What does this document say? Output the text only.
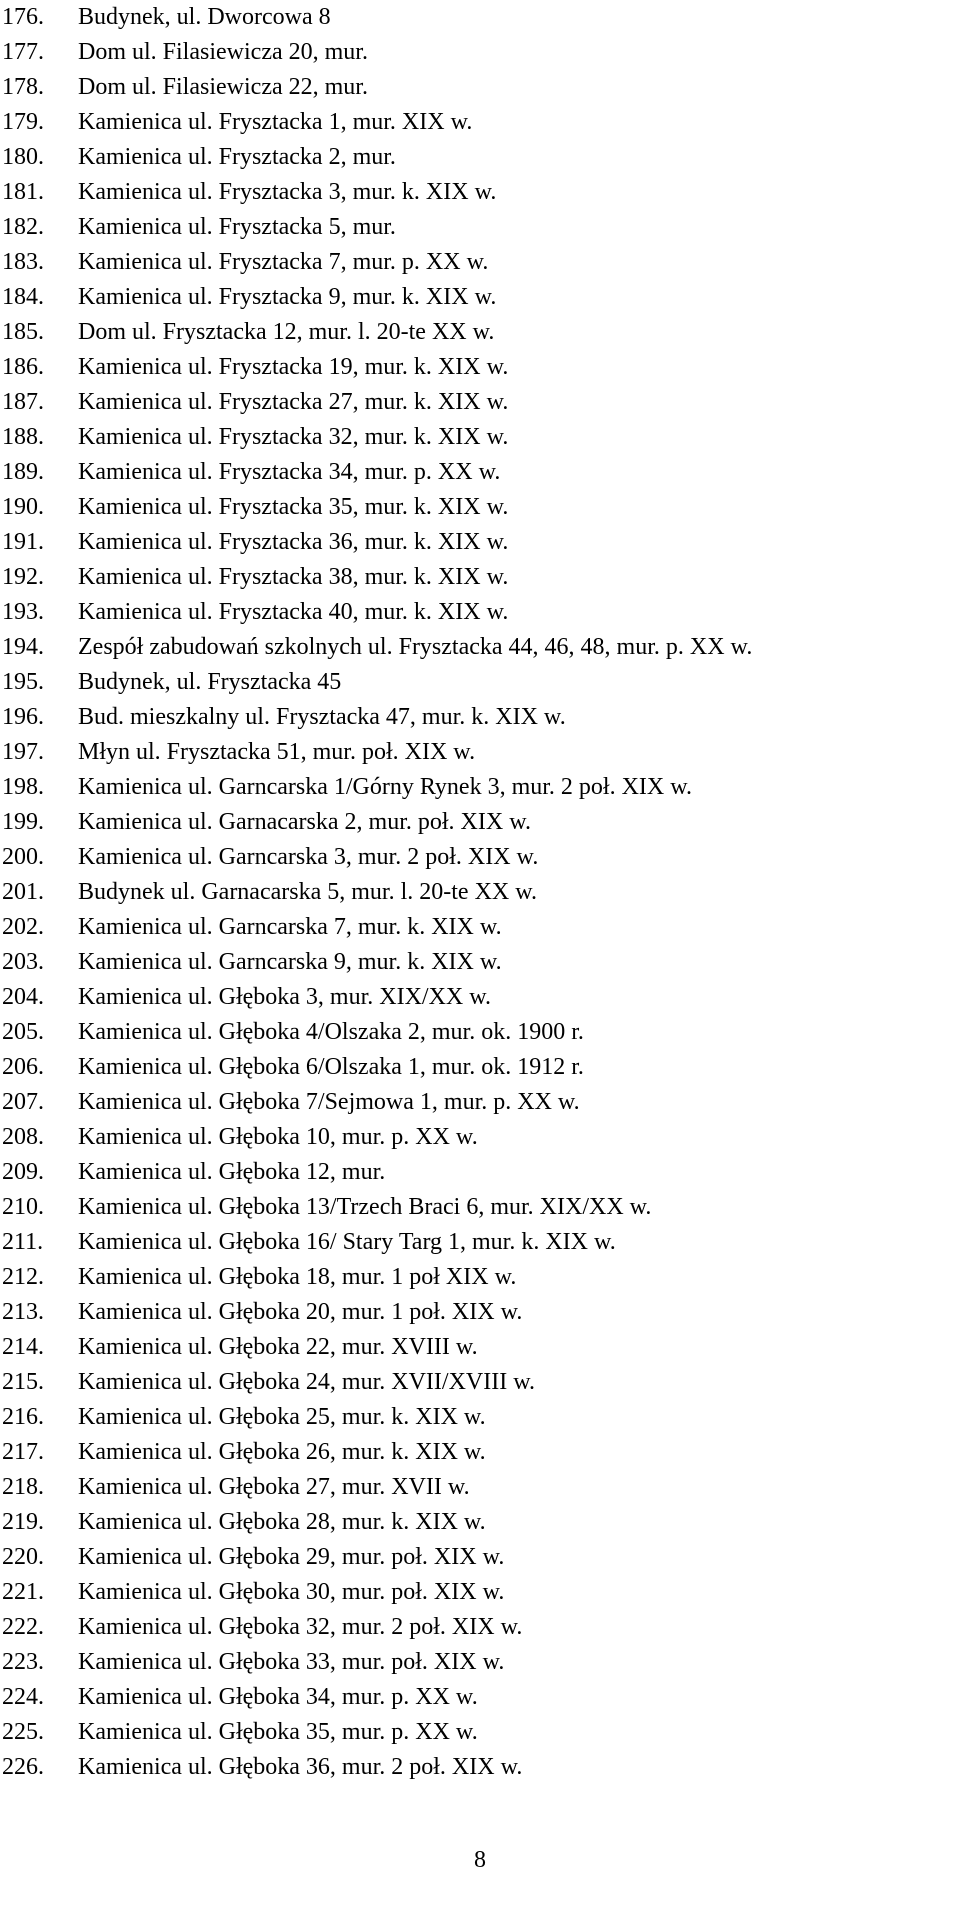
176. Budynek, ul. Dworcowa 8
177. Dom ul. Filasiewicza 20, mur.
178. Dom ul. Filasiewicza 22, mur.
179. Kamienica ul. Frysztacka 1, mur. XIX w.
180. Kamienica ul. Frysztacka 2, mur.
181. Kamienica ul. Frysztacka 3, mur. k. XIX w.
182. Kamienica ul. Frysztacka 5, mur.
183. Kamienica ul. Frysztacka 7, mur. p. XX w.
184. Kamienica ul. Frysztacka 9, mur. k. XIX w.
185. Dom ul. Frysztacka 12, mur. l. 20-te XX w.
186. Kamienica ul. Frysztacka 19, mur. k. XIX w.
187. Kamienica ul. Frysztacka 27, mur. k. XIX w.
188. Kamienica ul. Frysztacka 32, mur. k. XIX w.
189. Kamienica ul. Frysztacka 34, mur. p. XX w.
190. Kamienica ul. Frysztacka 35, mur. k. XIX w.
191. Kamienica ul. Frysztacka 36, mur. k. XIX w.
192. Kamienica ul. Frysztacka 38, mur. k. XIX w.
193. Kamienica ul. Frysztacka 40, mur. k. XIX w.
194. Zespół zabudowań szkolnych ul. Frysztacka 44, 46, 48, mur. p. XX w.
195. Budynek, ul. Frysztacka 45
196. Bud. mieszkalny ul. Frysztacka 47, mur. k. XIX w.
197. Młyn ul. Frysztacka 51, mur. poł. XIX w.
198. Kamienica ul. Garncarska 1/Górny Rynek 3, mur. 2 poł. XIX w.
199. Kamienica ul. Garnacarska 2, mur. poł. XIX w.
200. Kamienica ul. Garncarska 3, mur. 2 poł. XIX w.
201. Budynek ul. Garnacarska 5, mur. l. 20-te XX w.
202. Kamienica ul. Garncarska 7, mur. k. XIX w.
203. Kamienica ul. Garncarska 9, mur. k. XIX w.
204. Kamienica ul. Głęboka 3, mur. XIX/XX w.
205. Kamienica ul. Głęboka 4/Olszaka 2, mur. ok. 1900 r.
206. Kamienica ul. Głęboka 6/Olszaka 1, mur. ok. 1912 r.
207. Kamienica ul. Głęboka 7/Sejmowa 1, mur. p. XX w.
208. Kamienica ul. Głęboka 10, mur. p. XX w.
209. Kamienica ul. Głęboka 12, mur.
210. Kamienica ul. Głęboka 13/Trzech Braci 6, mur. XIX/XX w.
211. Kamienica ul. Głęboka 16/ Stary Targ 1, mur. k. XIX w.
212. Kamienica ul. Głęboka 18, mur. 1 poł XIX w.
213. Kamienica ul. Głęboka 20, mur. 1 poł. XIX w.
214. Kamienica ul. Głęboka 22, mur. XVIII w.
215. Kamienica ul. Głęboka 24, mur. XVII/XVIII w.
216. Kamienica ul. Głęboka 25, mur. k. XIX w.
217. Kamienica ul. Głęboka 26, mur. k. XIX w.
218. Kamienica ul. Głęboka 27, mur. XVII w.
219. Kamienica ul. Głęboka 28, mur. k. XIX w.
220. Kamienica ul. Głęboka 29, mur. poł. XIX w.
221. Kamienica ul. Głęboka 30, mur. poł. XIX w.
222. Kamienica ul. Głęboka 32, mur. 2 poł. XIX w.
223. Kamienica ul. Głęboka 33, mur. poł. XIX w.
224. Kamienica ul. Głęboka 34, mur. p. XX w.
225. Kamienica ul. Głęboka 35, mur. p. XX w.
226. Kamienica ul. Głęboka 36, mur. 2 poł. XIX w.
8
